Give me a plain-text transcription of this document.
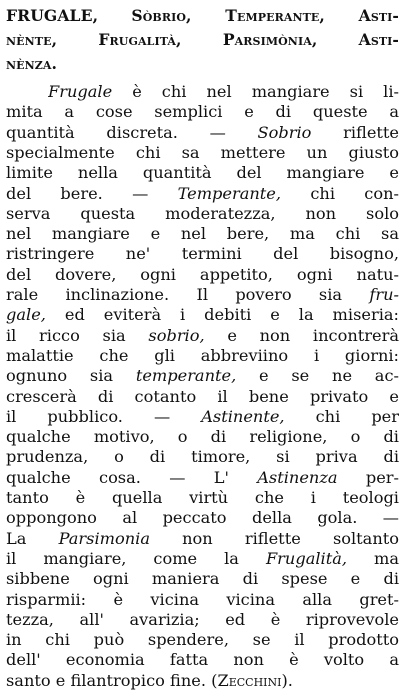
FRUGALE, Sòbrio, Temperante, Asti-
nènte, Frugalità, Parsimònia, Asti-
nènza.
Frugale è chi nel mangiare si li-
mita a cose semplici e di queste a
quantità discreta. — Sobrio riflette
specialmente chi sa mettere un giusto
limite nella quantità del mangiare e
del bere. — Temperante, chi con-
serva questa moderatezza, non solo
nel mangiare e nel bere, ma chi sa
ristringere ne' termini del bisogno,
del dovere, ogni appetito, ogni natu-
rale inclinazione. Il povero sia fru-
gale, ed eviterà i debiti e la miseria:
il ricco sia sobrio, e non incontrerà
malattie che gli abbreviino i giorni:
ognuno sia temperante, e se ne ac-
crescerà di cotanto il bene privato e
il pubblico. — Astinente, chi per
qualche motivo, o di religione, o di
prudenza, o di timore, si priva di
qualche cosa. — L' Astinenza per-
tanto è quella virtù che i teologi
oppongono al peccato della gola. —
La Parsimonia non riflette soltanto
il mangiare, come la Frugalità, ma
sibbene ogni maniera di spese e di
risparmii: è vicina vicina alla gret-
tezza, all' avarizia; ed è riprovevole
in chi può spendere, se il prodotto
dell' economia fatta non è volto a
santo e filantropico fine. (Zecchini).
